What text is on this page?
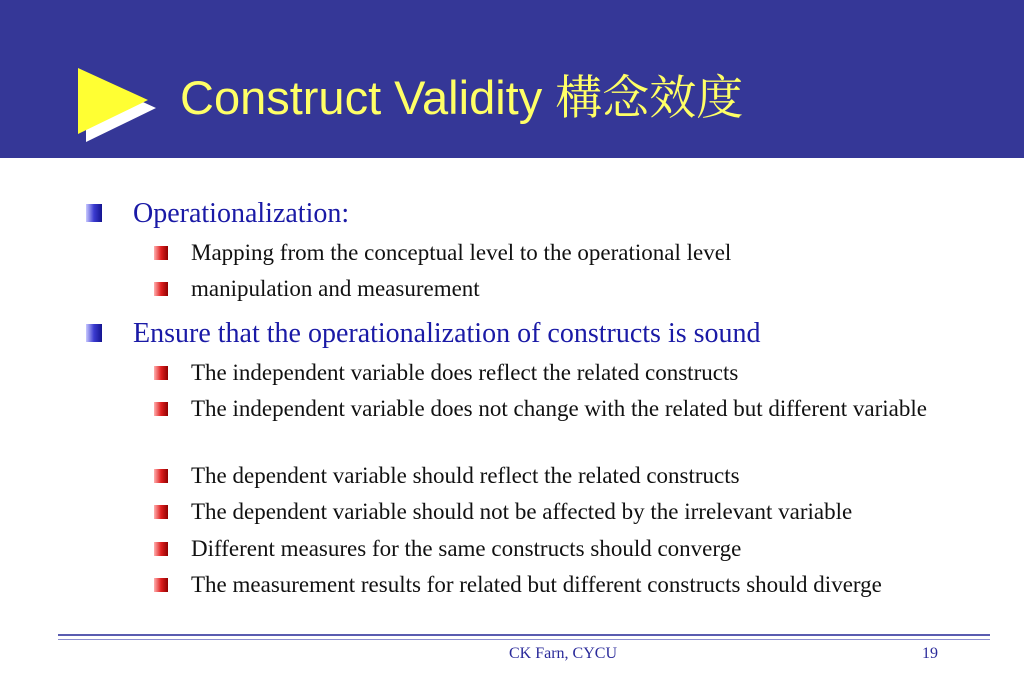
Construct Validity 構念效度
Operationalization:
Mapping from the conceptual level to the operational level
manipulation and measurement
Ensure that the operationalization of constructs is sound
The independent variable does reflect the related constructs
The independent variable does not change with the related but different variable
The dependent variable should reflect the related constructs
The dependent variable should not be affected by the irrelevant variable
Different measures for the same constructs should converge
The measurement results for related but different constructs should diverge
CK Farn, CYCU	19
